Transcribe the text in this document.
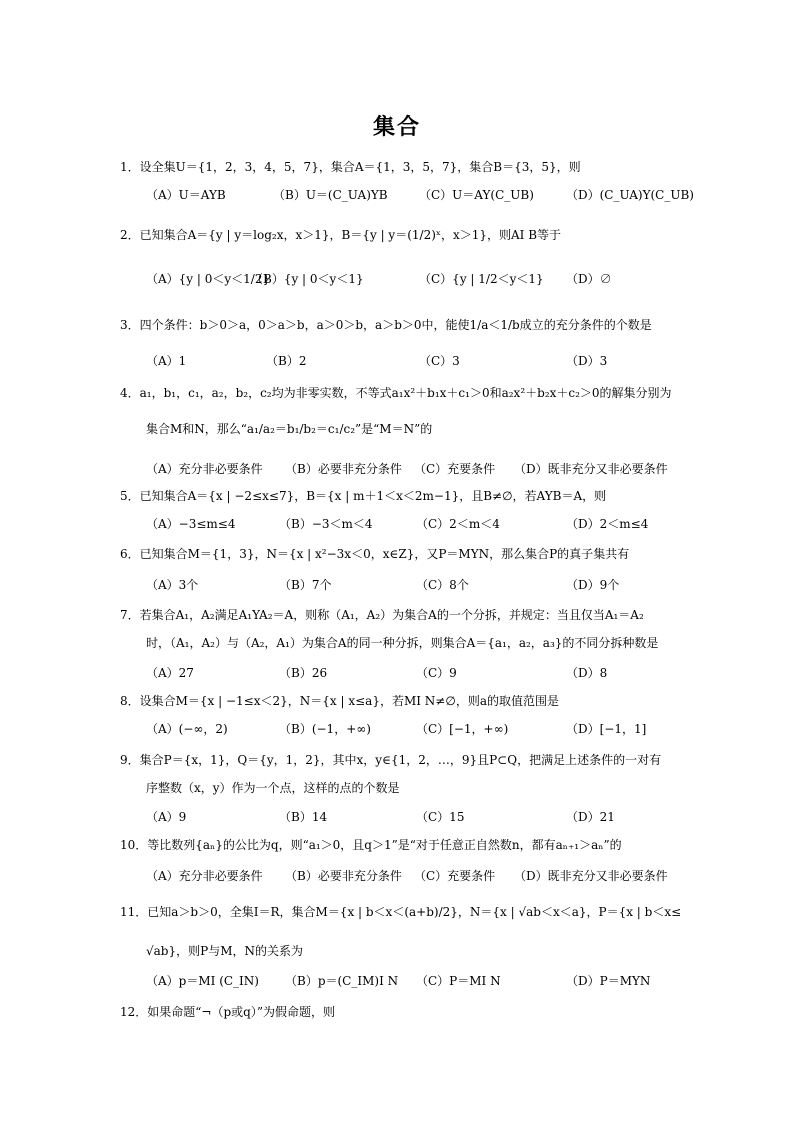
集合
1．设全集U＝{1，2，3，4，5，7}，集合A＝{1，3，5，7}，集合B＝{3，5}，则
（A）U＝AYB	（B）U＝(C_UA)YB	（C）U＝AY(C_UB)	（D）(C_UA)Y(C_UB)
2．已知集合A＝{y | y＝log₂x，x＞1}，B＝{y | y＝(1/2)ˣ，x＞1}，则AI B等于
（A）{y | 0＜y＜1/2}
（B）{y | 0＜y＜1}	（C）{y | 1/2＜y＜1} （D）∅
3．四个条件：b＞0＞a，0＞a＞b，a＞0＞b，a＞b＞0中，能使1/a＜1/b成立的充分条件的个数是
（A）1	（B）2	（C）3	（D）3
4．a₁，b₁，c₁，a₂，b₂，c₂均为非零实数，不等式a₁x²＋b₁x＋c₁＞0和a₂x²＋b₂x＋c₂＞0的解集分别为
集合M和N，那么“a₁/a₂＝b₁/b₂＝c₁/c₂”是“M＝N”的
（A）充分非必要条件 （B）必要非充分条件 （C）充要条件 （D）既非充分又非必要条件
5．已知集合A＝{x | −2≤x≤7}，B＝{x | m＋1＜x＜2m−1}，且B≠∅，若AYB＝A，则
（A）−3≤m≤4	（B）−3＜m＜4	（C）2＜m＜4	（D）2＜m≤4
6．已知集合M＝{1，3}，N＝{x | x²−3x＜0，x∈Z}，又P＝MYN，那么集合P的真子集共有
（A）3个	（B）7个	（C）8个	（D）9个
7．若集合A₁，A₂满足A₁YA₂＝A，则称（A₁，A₂）为集合A的一个分拆，并规定：当且仅当A₁＝A₂
时，（A₁，A₂）与（A₂，A₁）为集合A的同一种分拆，则集合A＝{a₁，a₂，a₃}的不同分拆种数是
（A）27	（B）26	（C）9	（D）8
8．设集合M＝{x | −1≤x＜2}，N＝{x | x≤a}，若MI N≠∅，则a的取值范围是
（A）(−∞，2)	（B）(−1，+∞)	（C）[−1，+∞)	（D）[−1，1]
9．集合P＝{x，1}，Q＝{y，1，2}，其中x，y∈{1，2，…，9}且P⊂Q，把满足上述条件的一对有
序整数（x，y）作为一个点，这样的点的个数是
（A）9	（B）14	（C）15	（D）21
10．等比数列{aₙ}的公比为q，则“a₁＞0，且q＞1”是“对于任意正自然数n，都有aₙ₊₁＞aₙ”的
（A）充分非必要条件 （B）必要非充分条件 （C）充要条件 （D）既非充分又非必要条件
11．已知a＞b＞0，全集I＝R，集合M＝{x | b＜x＜(a+b)/2}，N＝{x | √ab＜x＜a}，P＝{x | b＜x≤
√ab}，则P与M，N的关系为
（A）p＝MI (C_IN) （B）p＝(C_IM)I N （C）P＝MI N	（D）P＝MYN
12．如果命题“¬（p或q）”为假命题，则
